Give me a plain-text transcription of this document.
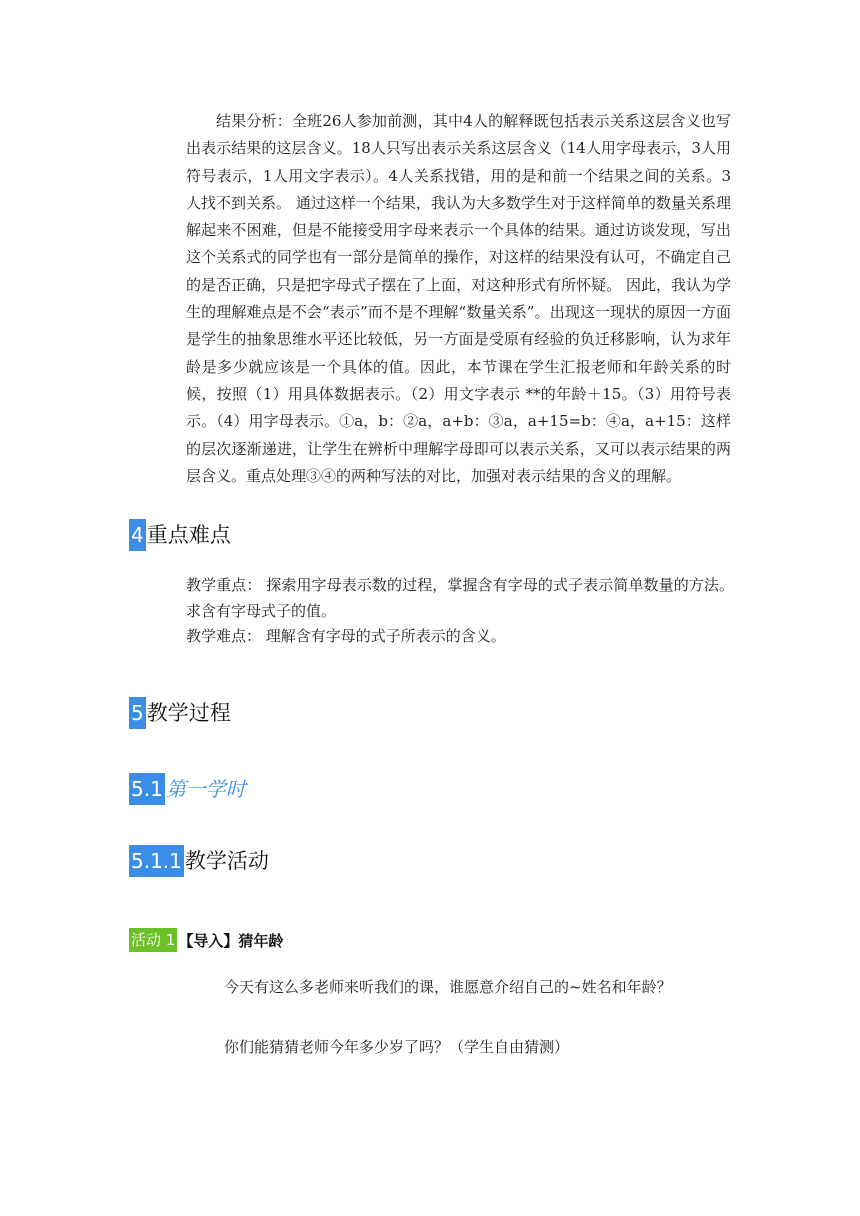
结果分析：全班26人参加前测，其中4人的解释既包括表示关系这层含义也写出表示结果的这层含义。18人只写出表示关系这层含义（14人用字母表示，3人用符号表示，1人用文字表示）。4人关系找错，用的是和前一个结果之间的关系。3人找不到关系。 通过这样一个结果，我认为大多数学生对于这样简单的数量关系理解起来不困难，但是不能接受用字母来表示一个具体的结果。通过访谈发现，写出这个关系式的同学也有一部分是简单的操作，对这样的结果没有认可，不确定自己的是否正确，只是把字母式子摆在了上面，对这种形式有所怀疑。 因此，我认为学生的理解难点是不会“表示”而不是不理解“数量关系”。出现这一现状的原因一方面是学生的抽象思维水平还比较低，另一方面是受原有经验的负迁移影响，认为求年龄是多少就应该是一个具体的值。因此，本节课在学生汇报老师和年龄关系的时候，按照（1）用具体数据表示。（2）用文字表示 **的年龄＋15。（3）用符号表示。（4）用字母表示。①a，b：②a，a+b：③a，a+15=b：④a，a+15：这样的层次逐渐递进，让学生在辨析中理解字母即可以表示关系，又可以表示结果的两层含义。重点处理③④的两种写法的对比，加强对表示结果的含义的理解。

4 重点难点

教学重点： 探索用字母表示数的过程，掌握含有字母的式子表示简单数量的方法。求含有字母式子的值。

教学难点： 理解含有字母的式子所表示的含义。

5 教学过程
5.1 第一学时
5.1.1 教学活动
活动 1 【导入】猜年龄

今天有这么多老师来听我们的课，谁愿意介绍自己的~姓名和年龄？

你们能猜猜老师今年多少岁了吗？（学生自由猜测）
